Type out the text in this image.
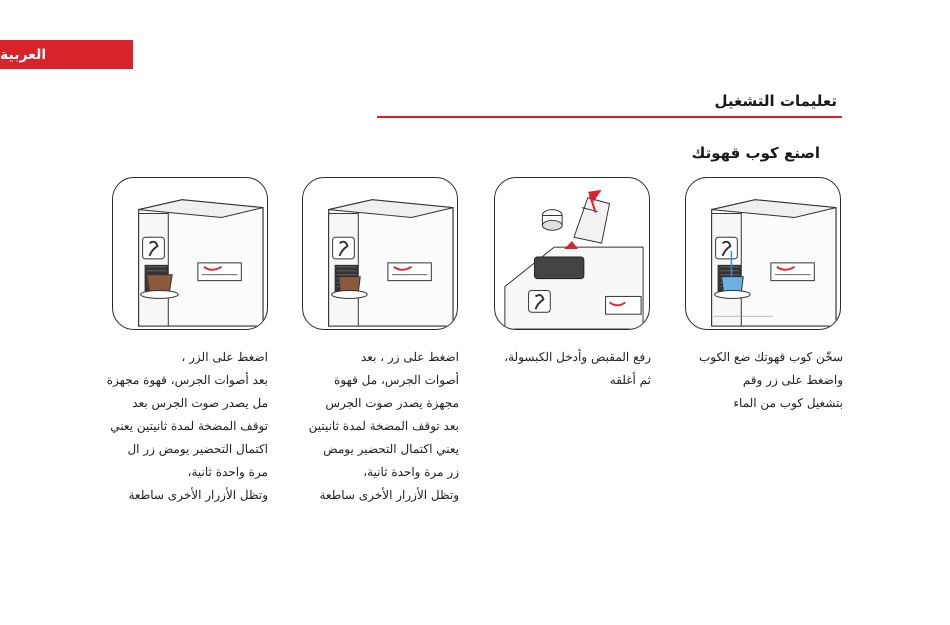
العربية
تعليمات التشغيل
اصنع كوب قهوتك
سخّن كوب قهوتك ضع الكوب
واضغط على زر وقم
بتشغيل كوب من الماء
رفع المقبض وأدخل الكبسولة،
ثم أغلقه
اضغط على زر ، بعد
أصوات الجرس، مل قهوة
مجهزة يصدر صوت الجرس
بعد توقف المضخة لمدة ثانيتين
يعني اكتمال التحضير يومض
زر مرة واحدة ثانية،
وتظل الأزرار الأخرى ساطعة
اضغط على الزر ،
بعد أصوات الجرس، قهوة مجهزة
مل يصدر صوت الجرس بعد
توقف المضخة لمدة ثانيتين يعني
اكتمال التحضير يومض زر ال
مرة واحدة ثانية،
وتظل الأزرار الأخرى ساطعة
